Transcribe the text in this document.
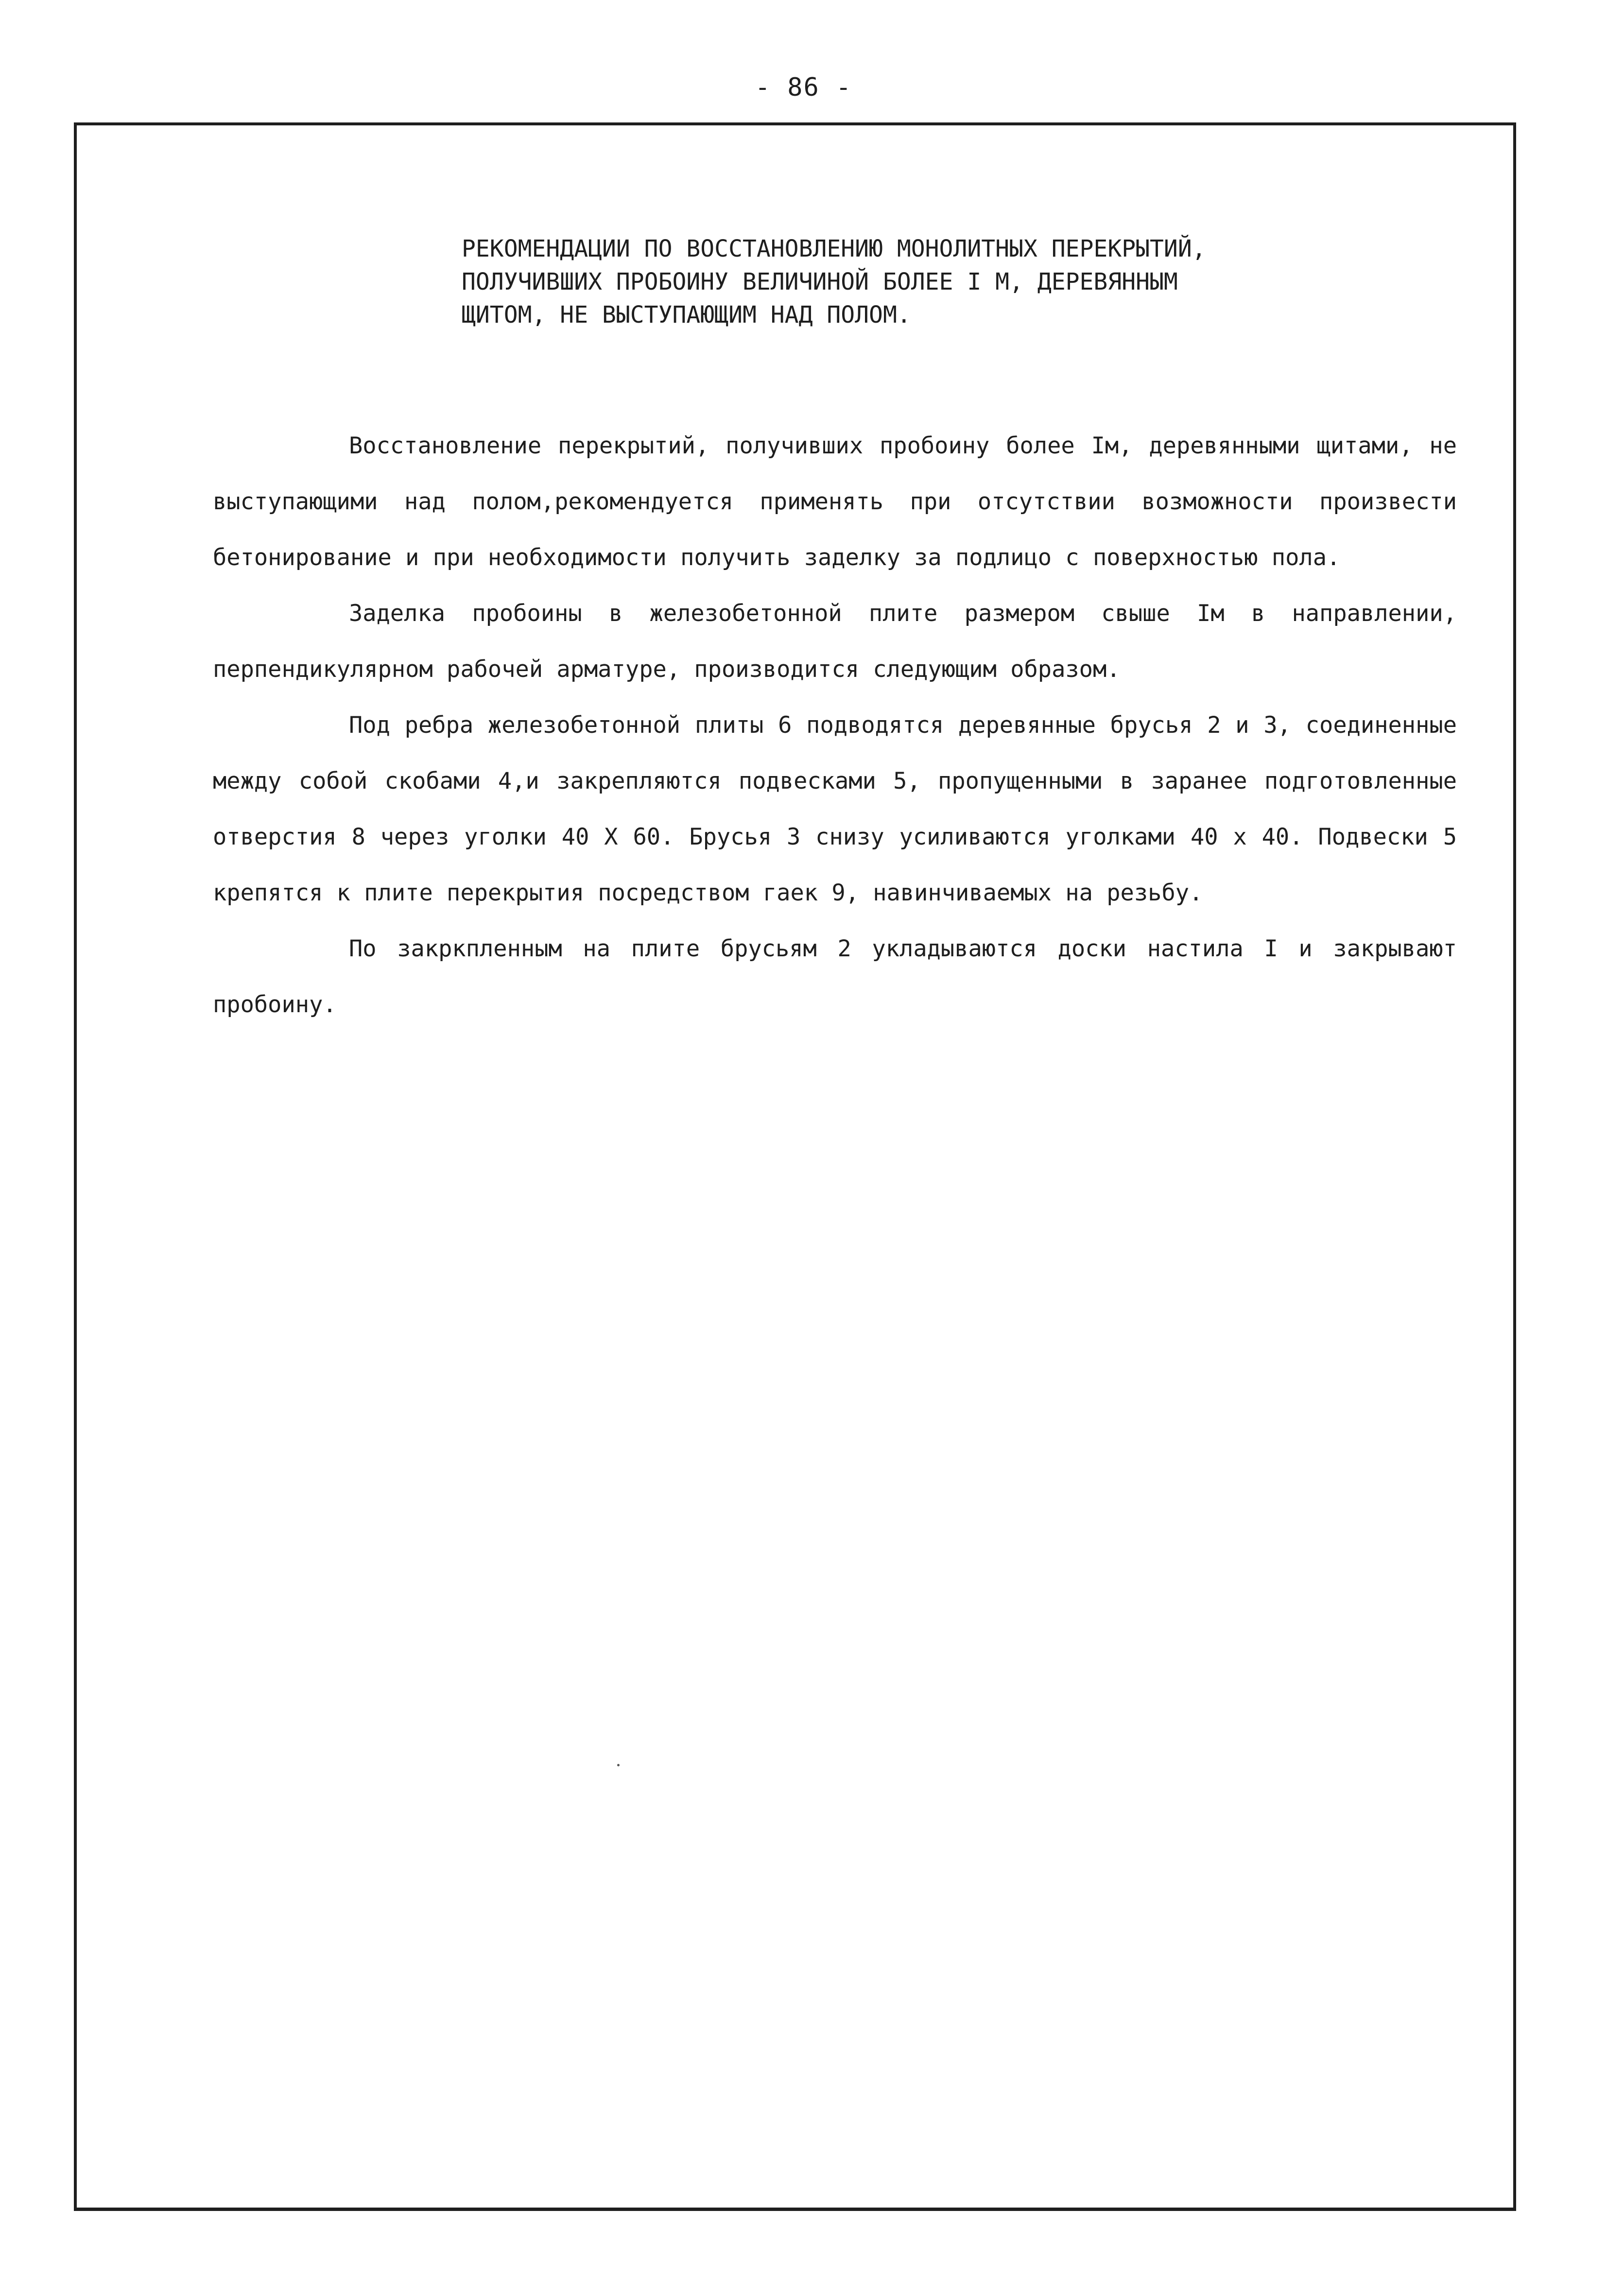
- 86 -
РЕКОМЕНДАЦИИ ПО ВОССТАНОВЛЕНИЮ МОНОЛИТНЫХ ПЕРЕКРЫТИЙ,
ПОЛУЧИВШИХ ПРОБОИНУ ВЕЛИЧИНОЙ БОЛЕЕ I М, ДЕРЕВЯННЫМ
ЩИТОМ, НЕ ВЫСТУПАЮЩИМ НАД ПОЛОМ.

Восстановление перекрытий, получивших пробоину более Iм, деревянными щитами, не выступающими над полом,рекомендуется применять при отсутствии возможности произвести бетонирование и при необходимости получить заделку за подлицо с поверхностью пола.

Заделка пробоины в железобетонной плите размером свыше Iм в направлении, перпендикулярном рабочей арматуре, производится следующим образом.

Под ребра железобетонной плиты 6 подводятся деревянные брусья 2 и 3, соединенные между собой скобами 4,и закрепляются подвесками 5, пропущенными в заранее подготовленные отверстия 8 через уголки 40 Х 60. Брусья 3 снизу усиливаются уголками 40 х 40. Подвески 5 крепятся к плите перекрытия посредством гаек 9, навинчиваемых на резьбу.

По закркпленным на плите брусьям 2 укладываются доски настила I и закрывают пробоину.
